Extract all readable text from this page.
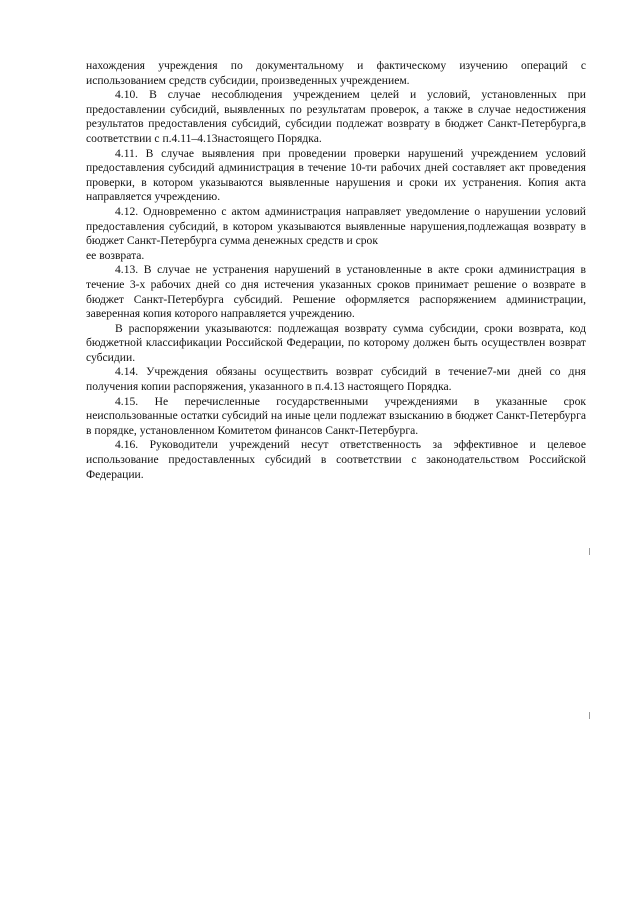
нахождения учреждения по документальному и фактическому изучению операций с использованием средств субсидии, произведенных учреждением.

4.10. В случае несоблюдения учреждением целей и условий, установленных при предоставлении субсидий, выявленных по результатам проверок, а также в случае недостижения результатов предоставления субсидий, субсидии подлежат возврату в бюджет Санкт-Петербурга,в соответствии с п.4.11–4.13настоящего Порядка.

4.11. В случае выявления при проведении проверки нарушений учреждением условий предоставления субсидий администрация в течение 10-ти рабочих дней составляет акт проведения проверки, в котором указываются выявленные нарушения и сроки их устранения. Копия акта направляется учреждению.

4.12. Одновременно с актом администрация направляет уведомление о нарушении условий предоставления субсидий, в котором указываются выявленные нарушения,подлежащая возврату в бюджет Санкт-Петербурга сумма денежных средств и срок

ее возврата.

4.13. В случае не устранения нарушений в установленные в акте сроки администрация в течение 3-х рабочих дней со дня истечения указанных сроков принимает решение о возврате в бюджет Санкт-Петербурга субсидий. Решение оформляется распоряжением администрации, заверенная копия которого направляется учреждению.

В распоряжении указываются: подлежащая возврату сумма субсидии, сроки возврата, код бюджетной классификации Российской Федерации, по которому должен быть осуществлен возврат субсидии.

4.14. Учреждения обязаны осуществить возврат субсидий в течение7-ми дней со дня получения копии распоряжения, указанного в п.4.13 настоящего Порядка.

4.15. Не перечисленные государственными учреждениями в указанные срок неиспользованные остатки субсидий на иные цели подлежат взысканию в бюджет Санкт-Петербурга в порядке, установленном Комитетом финансов Санкт-Петербурга.

4.16. Руководители учреждений несут ответственность за эффективное и целевое использование предоставленных субсидий в соответствии с законодательством Российской Федерации.
